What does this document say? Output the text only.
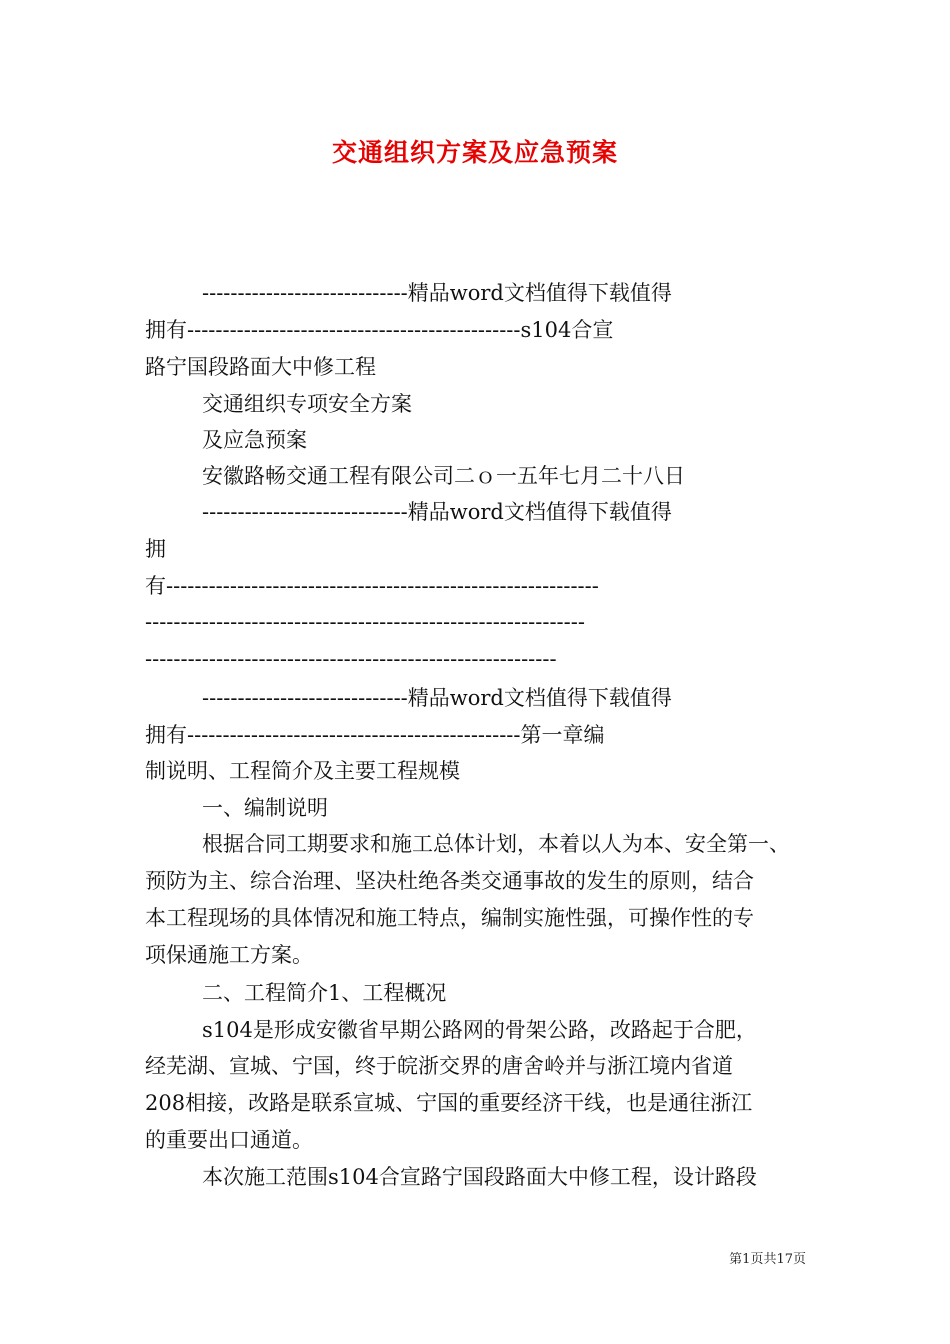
交通组织方案及应急预案
-----------------------------精品word文档值得下载值得
拥有-----------------------------------------------s104合宣
路宁国段路面大中修工程
交通组织专项安全方案
及应急预案
安徽路畅交通工程有限公司二ｏ一五年七月二十八日
-----------------------------精品word文档值得下载值得
拥
有-------------------------------------------------------------
--------------------------------------------------------------
----------------------------------------------------------
-----------------------------精品word文档值得下载值得
拥有-----------------------------------------------第一章编
制说明、工程简介及主要工程规模
一、编制说明
根据合同工期要求和施工总体计划，本着以人为本、安全第一、
预防为主、综合治理、坚决杜绝各类交通事故的发生的原则，结合
本工程现场的具体情况和施工特点，编制实施性强，可操作性的专
项保通施工方案。
二、工程简介1、工程概况
s104是形成安徽省早期公路网的骨架公路，改路起于合肥，
经芜湖、宣城、宁国，终于皖浙交界的唐舍岭并与浙江境内省道
208相接，改路是联系宣城、宁国的重要经济干线，也是通往浙江
的重要出口通道。
本次施工范围s104合宣路宁国段路面大中修工程，设计路段
第1页共17页
